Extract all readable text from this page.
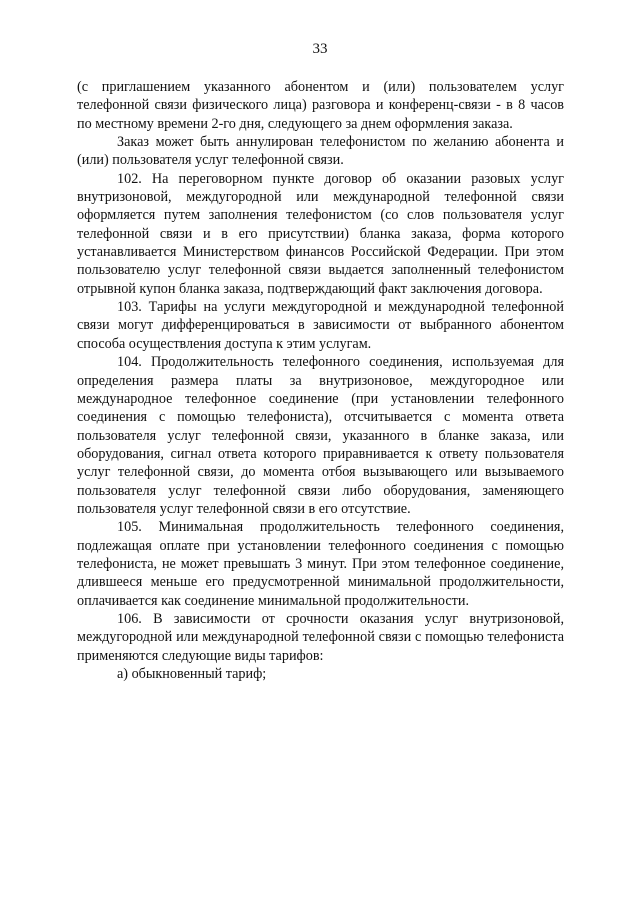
33

(с приглашением указанного абонентом и (или) пользователем услуг телефонной связи физического лица) разговора и конференц-связи - в 8 часов по местному времени 2-го дня, следующего за днем оформления заказа.

Заказ может быть аннулирован телефонистом по желанию абонента и (или) пользователя услуг телефонной связи.

102. На переговорном пункте договор об оказании разовых услуг внутризоновой, междугородной или международной телефонной связи оформляется путем заполнения телефонистом (со слов пользователя услуг телефонной связи и в его присутствии) бланка заказа, форма которого устанавливается Министерством финансов Российской Федерации. При этом пользователю услуг телефонной связи выдается заполненный телефонистом отрывной купон бланка заказа, подтверждающий факт заключения договора.

103. Тарифы на услуги междугородной и международной телефонной связи могут дифференцироваться в зависимости от выбранного абонентом способа осуществления доступа к этим услугам.

104. Продолжительность телефонного соединения, используемая для определения размера платы за внутризоновое, междугородное или международное телефонное соединение (при установлении телефонного соединения с помощью телефониста), отсчитывается с момента ответа пользователя услуг телефонной связи, указанного в бланке заказа, или оборудования, сигнал ответа которого приравнивается к ответу пользователя услуг телефонной связи, до момента отбоя вызывающего или вызываемого пользователя услуг телефонной связи либо оборудования, заменяющего пользователя услуг телефонной связи в его отсутствие.

105. Минимальная продолжительность телефонного соединения, подлежащая оплате при установлении телефонного соединения с помощью телефониста, не может превышать 3 минут. При этом телефонное соединение, длившееся меньше его предусмотренной минимальной продолжительности, оплачивается как соединение минимальной продолжительности.

106. В зависимости от срочности оказания услуг внутризоновой, междугородной или международной телефонной связи с помощью телефониста применяются следующие виды тарифов:

а) обыкновенный тариф;
